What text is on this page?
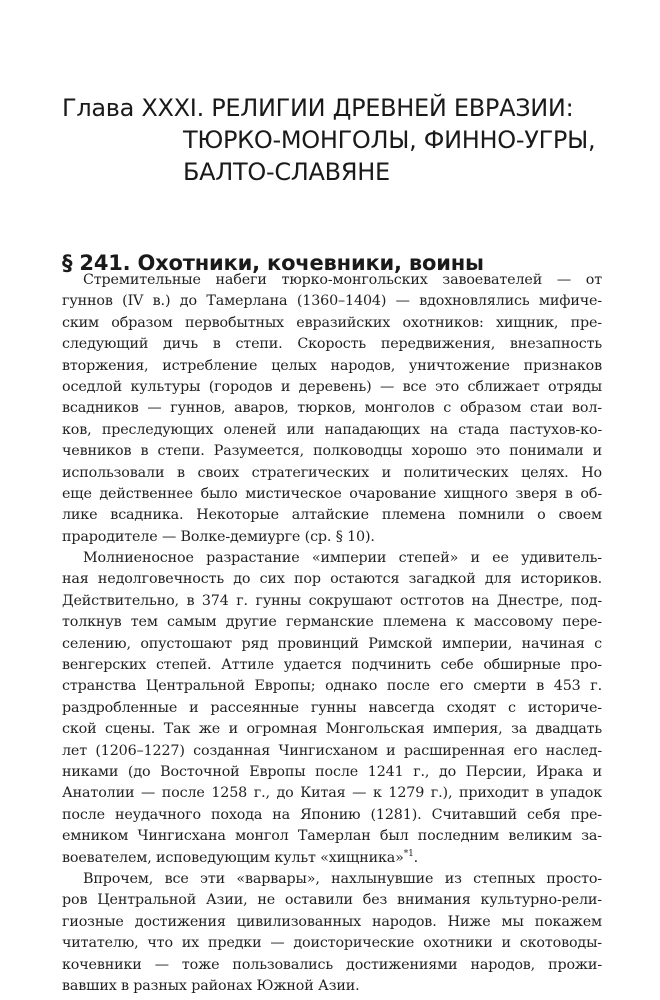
Глава XXXI. РЕЛИГИИ ДРЕВНЕЙ ЕВРАЗИИ:
ТЮРКО-МОНГОЛЫ, ФИННО-УГРЫ,
БАЛТО-СЛАВЯНЕ
§ 241. Охотники, кочевники, воины

Стремительные набеги тюрко-монгольских завоевателей — от
гуннов (IV в.) до Тамерлана (1360–1404) — вдохновлялись мифиче-
ским образом первобытных евразийских охотников: хищник, пре-
следующий дичь в степи. Скорость передвижения, внезапность
вторжения, истребление целых народов, уничтожение признаков
оседлой культуры (городов и деревень) — все это сближает отряды
всадников — гуннов, аваров, тюрков, монголов с образом стаи вол-
ков, преследующих оленей или нападающих на стада пастухов-ко-
чевников в степи. Разумеется, полководцы хорошо это понимали и
использовали в своих стратегических и политических целях. Но
еще действеннее было мистическое очарование хищного зверя в об-
лике всадника. Некоторые алтайские племена помнили о своем
прародителе — Волке-демиурге (ср. § 10).

Молниеносное разрастание «империи степей» и ее удивитель-
ная недолговечность до сих пор остаются загадкой для историков.
Действительно, в 374 г. гунны сокрушают остготов на Днестре, под-
толкнув тем самым другие германские племена к массовому пере-
селению, опустошают ряд провинций Римской империи, начиная с
венгерских степей. Аттиле удается подчинить себе обширные про-
странства Центральной Европы; однако после его смерти в 453 г.
раздробленные и рассеянные гунны навсегда сходят с историче-
ской сцены. Так же и огромная Монгольская империя, за двадцать
лет (1206–1227) созданная Чингисханом и расширенная его наслед-
никами (до Восточной Европы после 1241 г., до Персии, Ирака и
Анатолии — после 1258 г., до Китая — к 1279 г.), приходит в упадок
после неудачного похода на Японию (1281). Считавший себя пре-
емником Чингисхана монгол Тамерлан был последним великим за-
воевателем, исповедующим культ «хищника»$^{*1}$.

Впрочем, все эти «варвары», нахлынувшие из степных просто-
ров Центральной Азии, не оставили без внимания культурно-рели-
гиозные достижения цивилизованных народов. Ниже мы покажем
читателю, что их предки — доисторические охотники и скотоводы-
кочевники — тоже пользовались достижениями народов, прожи-
вавших в разных районах Южной Азии.
